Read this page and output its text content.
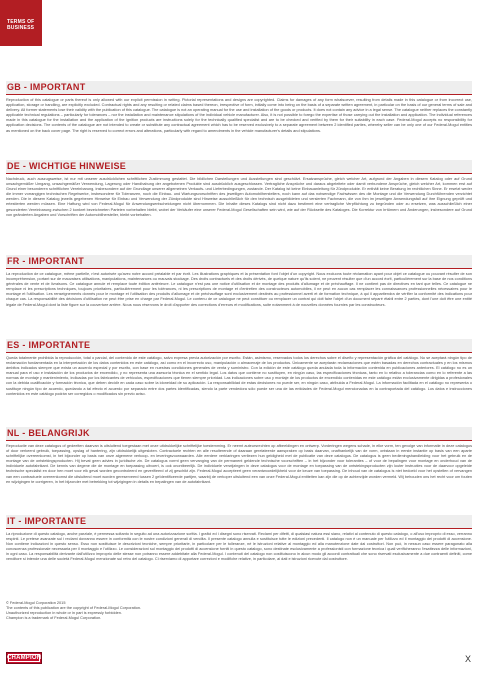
TERMS OF
BUSINESS
GB - IMPORTANT
Reproduction of this catalogue or parts thereof is only allowed with our explicit permission in writing. Pictorial representations and designs are copyrighted. Claims for damages of any form whatsoever, resulting from details made in this catalogue or from incorrect use, application, storage or handling, are explicitly excluded. Contractual rights and any resulting or related claims based thereon, irrespective of form, initially come into being on the basis of a separate written agreement, in particular on the basis of our general terms of sale and delivery. All former statements lose their validity with the publication of this catalogue. The catalogue is not an operating manual for the use and installation of the goods or products. It does not contain any advice in a legal sense. The catalogue neither replaces the constantly applicable technical regulations – particularly for tolerances – nor the installation and maintenance stipulations of the individual vehicle manufacturer. Also, it is not possible to forego the expertise of those carrying out the installation and application. The individual references made in this catalogue for the installation and the application of the ignition products are instructions solely for the technically qualified specialist and are to be checked and verified by them for their suitability in each case. Federal-Mogul accepts no responsibility for application decisions. The contents of the catalogue are not intended to create or substitute any contractual agreement which has to be reserved exclusively to a separate agreement between 2 identified parties, whereby seller can be only one of our Federal-Mogul entities as mentioned on the back cover page. The right is reserved to correct errors and alterations, particularly with regard to amendments in the vehicle manufacturer's details and stipulations.
DE - WICHTIGE HINWEISE
Nachdruck, auch auszugsweise, ist nur mit unserer ausdrücklichen schriftlichen Zustimmung gestattet. Die bildlichen Darstellungen und Ausstellungen sind geschützt. Ersatzansprüche, gleich welcher Art, aufgrund der Angaben in diesem Katalog oder auf Grund unsachgemäßer Umgang, unsachgemäßer Verwendung, Lagerung oder Handhabung der angebotenen Produkte sind ausdrücklich ausgeschlossen. Vertragliche Ansprüche und daraus abgeleitete oder damit verbundene Ansprüche, gleich welcher Art, kommen erst auf Grund einer besonderen schriftlichen Vereinbarung, insbesondere auf der Grundlage unserer allgemeinen Verkaufs- und Lieferbedingungen, zustande. Der Katalog ist keine Einbauanleitung für Zündprodukte. Er enthält keine Beratung im rechtlichen Sinne. Er ersetzt weder die immer vorrangigen technischen Regelwerke, insbesondere für Toleranzen, noch die Einbau- und Wartungsvorschriften des jeweiligen Automobilherstellers, noch kann auf das notwendige Fachwissen des die Montage und die Verwendung Durchführenden verzichtet werden. Die in diesem Katalog jeweils gegebenen Hinweise für Einbau und Verwendung der Zündprodukte sind Hinweise ausschließlich für den technisch ausgebildeten und versierten Fachmann, die von ihm im jeweiligen Anwendungsfall auf ihre Eignung geprüft und ertestierten werden müssen. Eine Haftung wird von Federal-Mogul für Anwendungsentscheidungen nicht übernommen. Die Inhalte dieses Katalogs sind nicht dazu bestimmt eine vertragliche Verpflichtung zu begründen oder zu ersetzen, was ausschließlich einer gesonderten Vereinbarung zwischen 2 konkret bezeichneten Parteien vorbehalten bleibt, wobei der Verkäufer eine unserer Federal-Mogul Gesellschaften sein wird, wie auf der Rückseite des Kataloges. Die Korrektur von Irrtümern und Änderungen, insbesondere auf Grund von geänderten Angaben und Vorschriften der Automobilhersteller, bleibt vorbehalten.
FR - IMPORTANT
La reproduction de ce catalogue, même partielle, n'est autorisée qu'avec notre accord préalable et par écrit. Les illustrations graphiques et la présentation font l'objet d'un copyright. Nous excluons toute réclamation ayant pour objet ce catalogue ou pouvant résulter de son incompréhension, portant sur de mauvaises utilisations, manipulations, maintenances ou mauvais stockage. Des droits contractuels et des droits dérivés, de quelque nature qu'ils soient, ne peuvent résulter que d'un accord écrit, particulièrement sur la base de nos conditions générales de vente et de livraisons. Ce catalogue annule et remplace toute édition antérieure. Le catalogue n'est pas une notice d'utilisation et de montage des produits d'allumage et de préchauffage. Il ne contient pas de directives en tant que telles. Ce catalogue ne remplace ni les prescriptions techniques, toujours prioritaires, particulièrement pour les tolérances, ni les prescriptions de montage et d'entretien des constructeurs automobiles, il ne peut en aucun cas remplacer les connaissances professionnelles nécessaires pour le montage et l'utilisation. Les renseignements donnés pour le montage et l'utilisation des produits d'allumage et de préchauffage sont exclusivement destinés au professionnel averti et de formation technique, à qui il appartiendra de vérifier la conformité des indications pour chaque cas. La responsabilité des décisions d'utilisation ne peut être prise en charge par Federal-Mogul. Le contenu de ce catalogue ne peut constituer ou remplacer un contrat qui doit faire l'objet d'un document séparé établi entre 2 parties, dont l'une doit être une entité légale de Federal-Mogul dont la liste figure sur la couverture arrière. Nous nous réservons le droit d'apporter des corrections d'erreurs et modifications, suite notamment à de nouvelles données fournies par les constructeurs.
ES - IMPORTANTE
Queda totalmente prohibida la reproducción, total o parcial, del contenido de este catálogo, salvo expresa previa autorización por escrito. Están, asimismo, reservados todos los derechos sobre el diseño y representación gráfica del catálogo. No se aceptará ningún tipo de reclamación fundamentada en la interpretación de los datos contenidos en este catálogo, así como en el incorrecto uso, manipulación o almacenaje de los productos. Únicamente se aceptarán reclamaciones que estén basadas en derechos contractuales y en los mismos ámbitos indicados siempre que exista un acuerdo especial y por escrito, con base en nuestras condiciones generales de venta y suministro. Con la edición de este catálogo queda anulada toda la información contenida en publicaciones anteriores. El catálogo no es un manual para el uso e instalación de los productos de encendido, y no representa una asesoría técnica en el sentido legal. Los datos que contiene no sustituyen, en ningún caso, las especificaciones técnicas, tanto en lo relativo a tolerancias como en lo referente a las normas de montaje y mantenimiento, indicadas por los fabricantes de vehículos, especificaciones que tienen siempre prioridad. Las indicaciones sobre uso y montaje de los productos de encendido contenidas en este catálogo están exclusivamente dirigidas a profesionales con la debida cualificación y formación técnica, que deben decidir en cada caso sobre la idoneidad de su aplicación. La responsabilidad de estas decisiones no puede ser, en ningún caso, atribuida a Federal-Mogul. La información facilitada en el catálogo no representa o sustituye ningún tipo de acuerdo, quedando a tal efecto el acuerdo por separado entre dos partes identificadas, siendo la parte vendedora sólo puede ser una de las entidades de Federal-Mogul mencionadas en la contraportada del catálogo. Los datos e instrucciones contenidos en este catálogo podrán ser corregidos o modificados sin previo aviso.
NL - BELANGRIJK
Reproductie van deze catalogus of gedeelten daarvan is uitsluitend toegestaan met onze uitdrukkelijke schriftelijke toestemming. Er neemt auteursrechten op afbeeldingen en ontwerp. Vorderingen wegens schade, in elke vorm, ten gevolge van informatie in deze catalogus of door verkeerd gebruik, toepassing, opslag of hantering, zijn uitdrukkelijk uitgesloten. Contractuele rechten en alle resulterende of daaraan gerelateerde aanspraken op basis daarvan, onafhankelijk van de vorm, ontstaan in eerste instantie op basis van een aparte schriftelijke overeenkomst, in het bijzonder op basis van onze algemene verkoop- en leveringsvoorwaarden. Alle eerdere verklaringen verliezen hun geldigheid met de publicatie van deze catalogus. De catalogus is geen bedieningshandleiding voor het gebruik en de montage van de ontstekingsproducten. Hij bevat geen advies in juridische zin. De catalogus vormt geen vervanging van de permanent geldende technische voorschriften – in het bijzonder voor toleranties – of voor de bepalingen voor montage en onderhoud van de individuele autofabrikant. De kennis van degene die de montage en toepassing uitvoert, is ook onontbeerlijk. De individuele verwijzingen in deze catalogus voor de montage en toepassing van de ontstekingsproducten zijn louter instructies voor de daarvoor opgeleide technische specialist en door hen moet voor elk geval worden gecontroleerd en geverifieerd of zij geschikt zijn. Federal-Mogul accepteert geen verantwoordelijkheid voor de keuze van toepassing. De inhoud van de catalogus is niet bedoeld voor het opstellen of vervangen van een contractuele overeenkomst die uitsluitend moet worden gereserveerd tussen 2 geïdentificeerde partijen, waarbij de verkoper uitsluitend een van onze Federal-Mogul entiteiten kan zijn die op de achterzijde worden vermeld. Wij behouden ons het recht voor om fouten en wijzigingen te corrigeren, in het bijzonder met betrekking tot wijzigingen in details en bepalingen van de autofabrikant.
IT - IMPORTANTE
La riproduzione di questo catalogo, anche parziale, è permessa soltanto in seguito ad una autorizzazione scritta. I grafici ed i disegni sono riservati. Reclami per difetti, di qualsiasi natura essi siano, relativi al contenuto di questo catalogo, o all'uso improprio di esso, verranno respinti. Le pretese avanzate sul i reclami dovranno essere in conformità con le nostre condizioni generali di vendita. Il presente catalogo annulla e sostituisce tutte le edizioni precedenti. Il catalogo non è un manuale per l'utilizzo ed il montaggio dei prodotti di accensione. Non contiene indicazioni in questo senso. Esso non sostituisce le descrizioni tecniche, sempre prioritarie, in particolare per le tolleranze, né le istruzioni relative al montaggio ed alla manutenzione date dai costruttori. Non può, in nessun caso essere paragonato alla conoscenza professionale necessaria per il montaggio e l'utilizzo. Le considerazioni sul montaggio dei prodotti di accensione forniti in questo catalogo, sono destinate esclusivamente a professionisti con formazione tecnica i quali verificheranno l'esattezza delle informazioni, in ogni caso. La responsabilità derivante dall'utilizzo improprio delle stesse non potranno essere addebitate alla Federal-Mogul. I contenuti del catalogo non costituiscono in alcun modo gli accordi contrattuali che sono riservati esclusivamente a due contraenti definiti, come venditore si intende una delle società Federal-Mogul menzionate sul retro del catalogo. Ci riserviamo di apportare correzioni e modifiche relative, in particolare, ai dati e istruzioni ricevute dal costruttore.
© Federal-Mogul Corporation 2015
The contents of this publication are the copyright of Federal-Mogul Corporation.
Unauthorized reproduction in whole or in part is expressly forbidden.
Champion is a trademark of Federal-Mogul Corporation.
CHAMPION	X
